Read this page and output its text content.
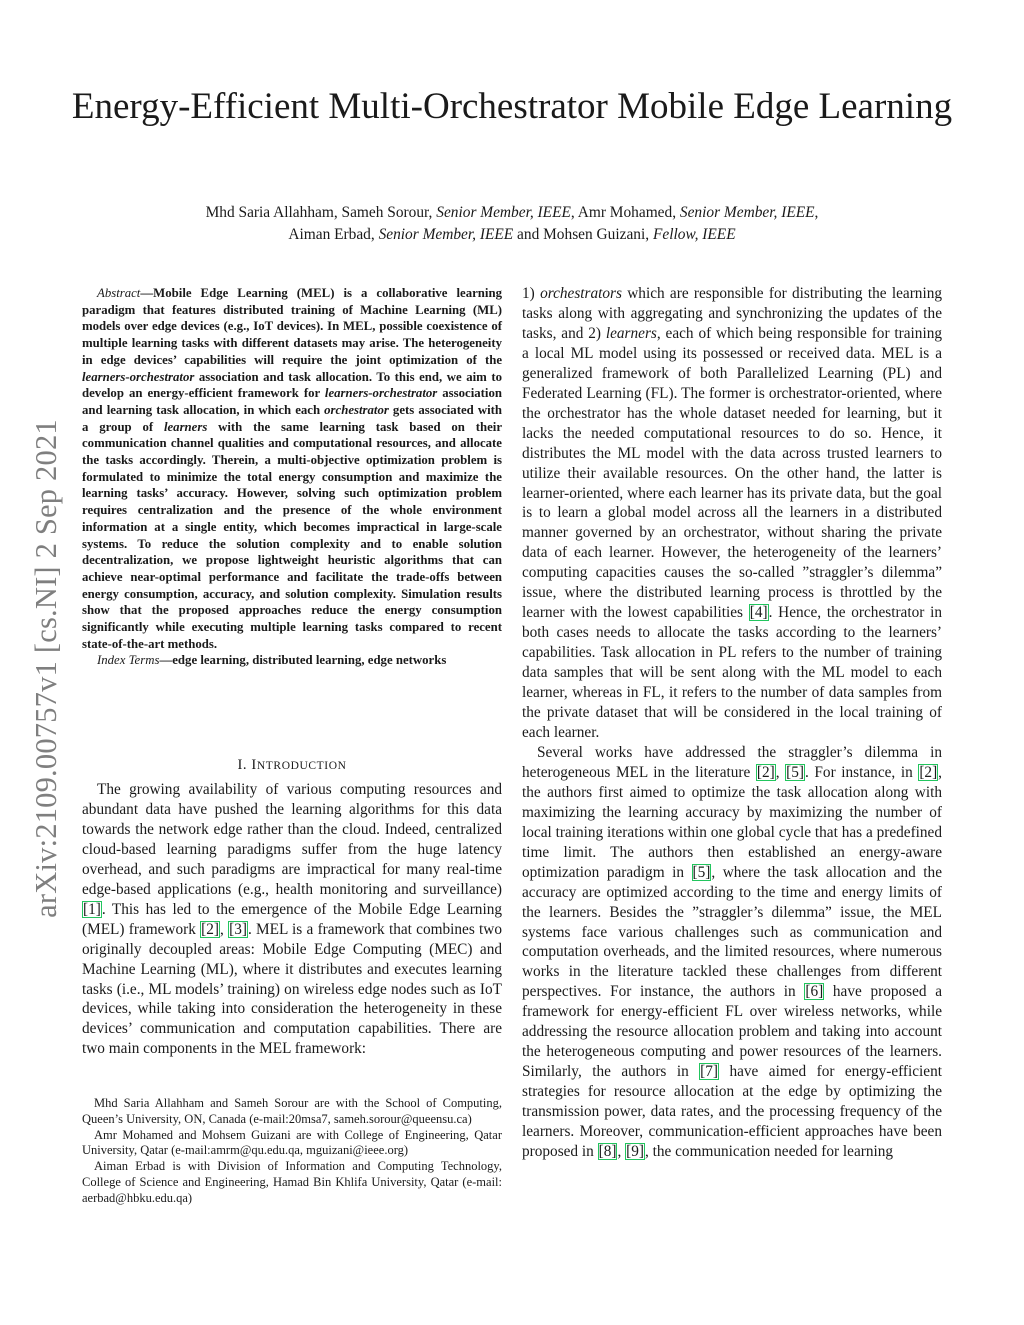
Energy-Efficient Multi-Orchestrator Mobile Edge Learning
Mhd Saria Allahham, Sameh Sorour, Senior Member, IEEE, Amr Mohamed, Senior Member, IEEE,
Aiman Erbad, Senior Member, IEEE and Mohsen Guizani, Fellow, IEEE
arXiv:2109.00757v1 [cs.NI] 2 Sep 2021

Abstract—Mobile Edge Learning (MEL) is a collaborative learning paradigm that features distributed training of Machine Learning (ML) models over edge devices (e.g., IoT devices). In MEL, possible coexistence of multiple learning tasks with different datasets may arise. The heterogeneity in edge devices’ capabilities will require the joint optimization of the learners-orchestrator association and task allocation. To this end, we aim to develop an energy-efficient framework for learners-orchestrator association and learning task allocation, in which each orchestrator gets associated with a group of learners with the same learning task based on their communication channel qualities and computational resources, and allocate the tasks accordingly. Therein, a multi-objective optimization problem is formulated to minimize the total energy consumption and maximize the learning tasks’ accuracy. However, solving such optimization problem requires centralization and the presence of the whole environment information at a single entity, which becomes impractical in large-scale systems. To reduce the solution complexity and to enable solution decentralization, we propose lightweight heuristic algorithms that can achieve near-optimal performance and facilitate the trade-offs between energy consumption, accuracy, and solution complexity. Simulation results show that the proposed approaches reduce the energy consumption significantly while executing multiple learning tasks compared to recent state-of-the-art methods.

Index Terms—edge learning, distributed learning, edge networks

I. INTRODUCTION

The growing availability of various computing resources and abundant data have pushed the learning algorithms for this data towards the network edge rather than the cloud. Indeed, centralized cloud-based learning paradigms suffer from the huge latency overhead, and such paradigms are impractical for many real-time edge-based applications (e.g., health monitoring and surveillance) [1]. This has led to the emergence of the Mobile Edge Learning (MEL) framework [2], [3]. MEL is a framework that combines two originally decoupled areas: Mobile Edge Computing (MEC) and Machine Learning (ML), where it distributes and executes learning tasks (i.e., ML models’ training) on wireless edge nodes such as IoT devices, while taking into consideration the heterogeneity in these devices’ communication and computation capabilities. There are two main components in the MEL framework:

Mhd Saria Allahham and Sameh Sorour are with the School of Computing, Queen’s University, ON, Canada (e-mail:20msa7, sameh.sorour@queensu.ca)

Amr Mohamed and Mohsem Guizani are with College of Engineering, Qatar University, Qatar (e-mail:amrm@qu.edu.qa, mguizani@ieee.org)

Aiman Erbad is with Division of Information and Computing Technology, College of Science and Engineering, Hamad Bin Khlifa University, Qatar (e-mail: aerbad@hbku.edu.qa)

1) orchestrators which are responsible for distributing the learning tasks along with aggregating and synchronizing the updates of the tasks, and 2) learners, each of which being responsible for training a local ML model using its possessed or received data. MEL is a generalized framework of both Parallelized Learning (PL) and Federated Learning (FL). The former is orchestrator-oriented, where the orchestrator has the whole dataset needed for learning, but it lacks the needed computational resources to do so. Hence, it distributes the ML model with the data across trusted learners to utilize their available resources. On the other hand, the latter is learner-oriented, where each learner has its private data, but the goal is to learn a global model across all the learners in a distributed manner governed by an orchestrator, without sharing the private data of each learner. However, the heterogeneity of the learners’ computing capacities causes the so-called ”straggler’s dilemma” issue, where the distributed learning process is throttled by the learner with the lowest capabilities [4]. Hence, the orchestrator in both cases needs to allocate the tasks according to the learners’ capabilities. Task allocation in PL refers to the number of training data samples that will be sent along with the ML model to each learner, whereas in FL, it refers to the number of data samples from the private dataset that will be considered in the local training of each learner.

Several works have addressed the straggler’s dilemma in heterogeneous MEL in the literature [2], [5]. For instance, in [2], the authors first aimed to optimize the task allocation along with maximizing the learning accuracy by maximizing the number of local training iterations within one global cycle that has a predefined time limit. The authors then established an energy-aware optimization paradigm in [5], where the task allocation and the accuracy are optimized according to the time and energy limits of the learners. Besides the ”straggler’s dilemma” issue, the MEL systems face various challenges such as communication and computation overheads, and the limited resources, where numerous works in the literature tackled these challenges from different perspectives. For instance, the authors in [6] have proposed a framework for energy-efficient FL over wireless networks, while addressing the resource allocation problem and taking into account the heterogeneous computing and power resources of the learners. Similarly, the authors in [7] have aimed for energy-efficient strategies for resource allocation at the edge by optimizing the transmission power, data rates, and the processing frequency of the learners. Moreover, communication-efficient approaches have been proposed in [8], [9], the communication needed for learning
